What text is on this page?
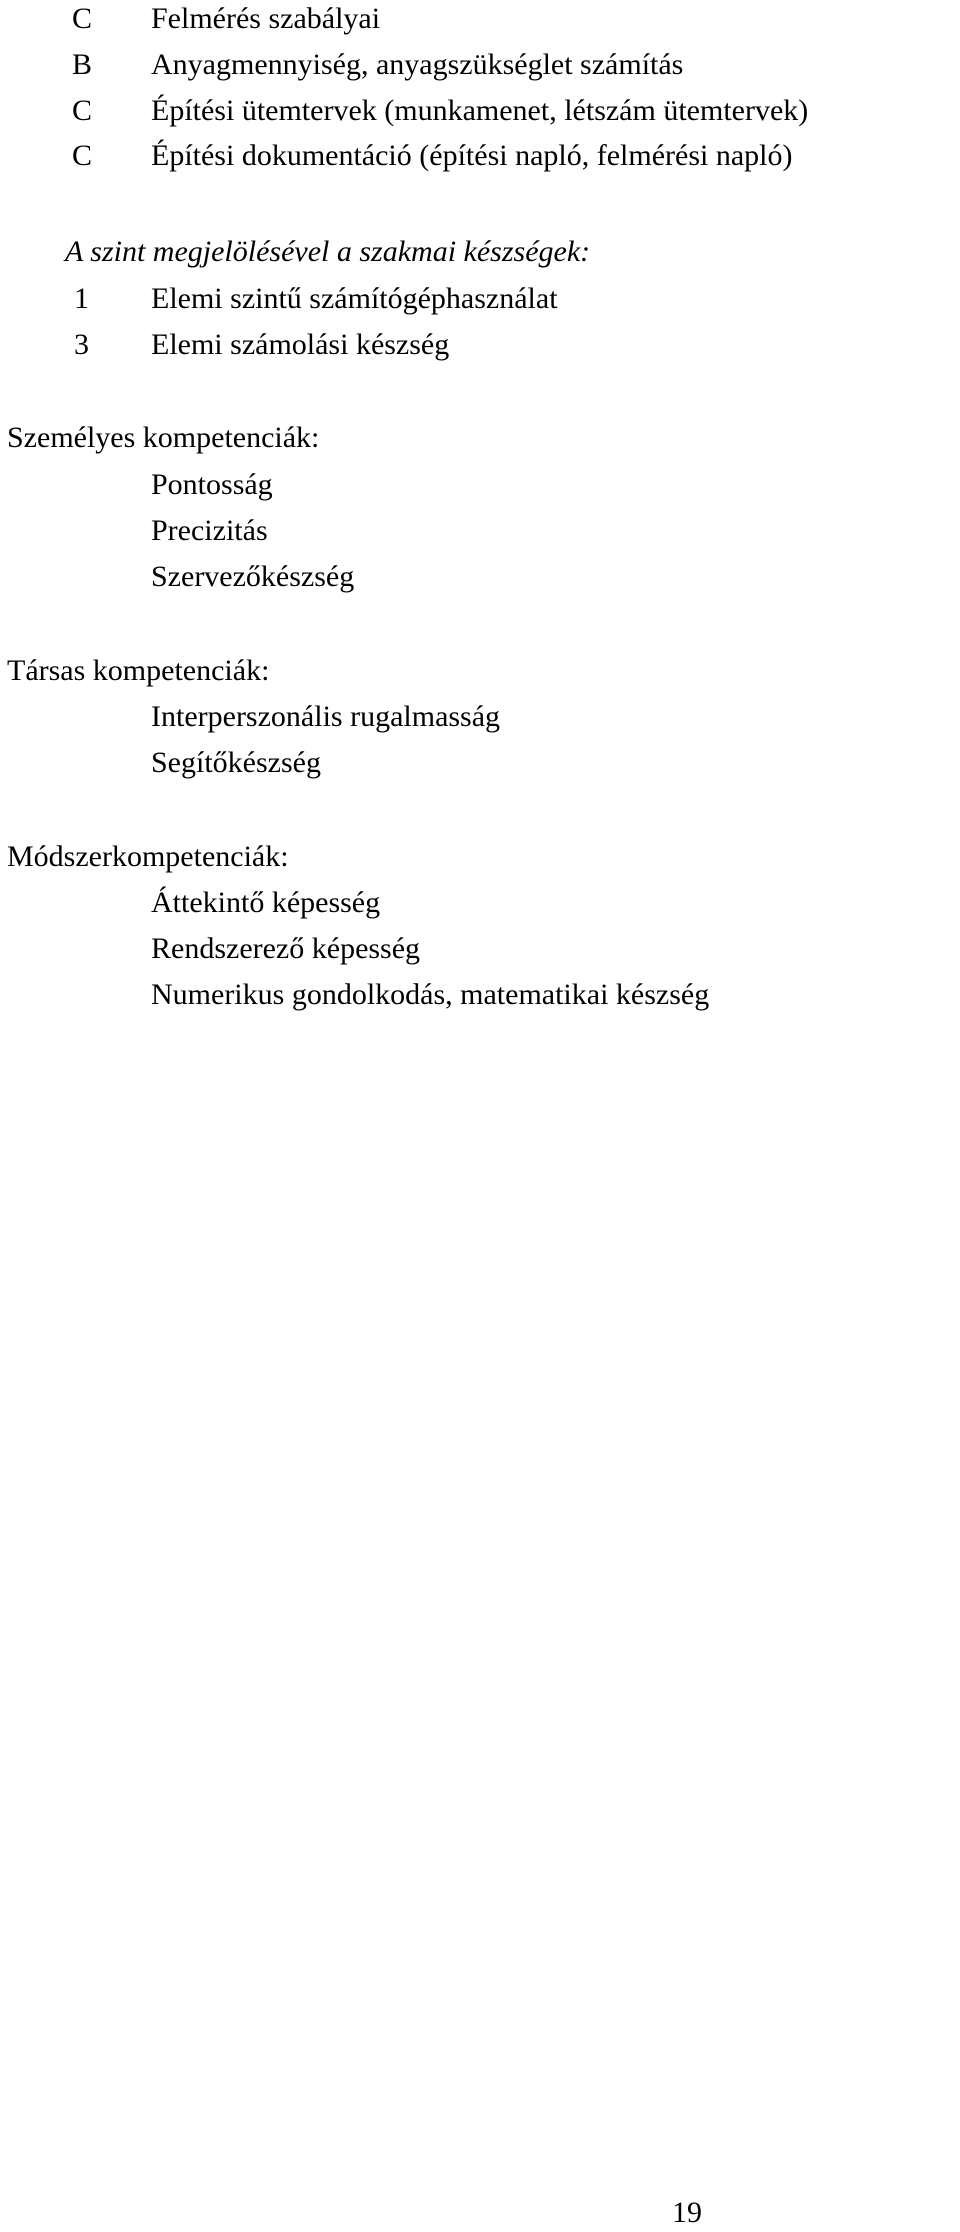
C Felmérés szabályai
B Anyagmennyiség, anyagszükséglet számítás
C Építési ütemtervek (munkamenet, létszám ütemtervek)
C Építési dokumentáció (építési napló, felmérési napló)
A szint megjelölésével a szakmai készségek:
1 Elemi szintű számítógéphasználat
3 Elemi számolási készség
Személyes kompetenciák:
Pontosság
Precizitás
Szervezőkészség
Társas kompetenciák:
Interperszonális rugalmasság
Segítőkészség
Módszerkompetenciák:
Áttekintő képesség
Rendszerező képesség
Numerikus gondolkodás, matematikai készség
19
